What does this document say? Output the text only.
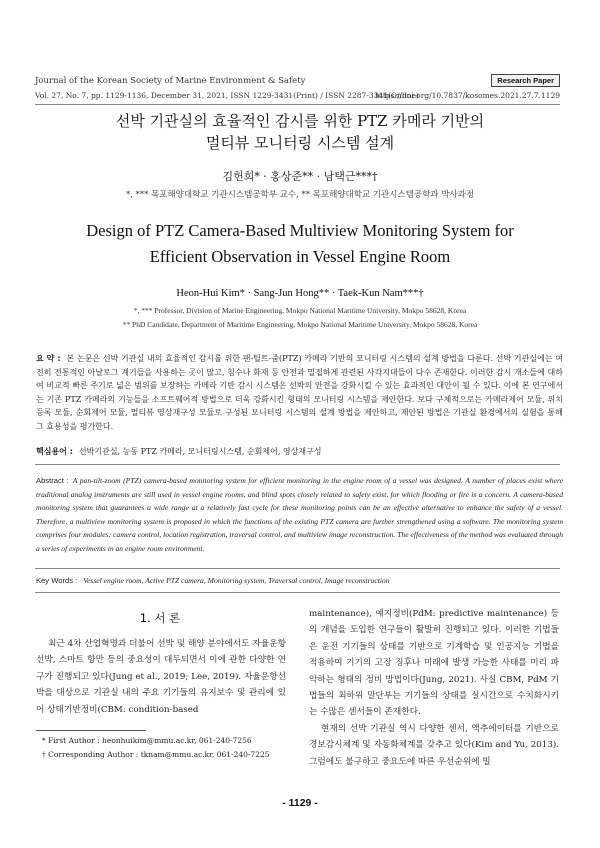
Journal of the Korean Society of Marine Environment & Safety	Research Paper
Vol. 27, No. 7, pp. 1129-1136, December 31, 2021, ISSN 1229-3431(Print) / ISSN 2287-3341(Online)
https://doi.org/10.7837/kosomes.2021.27.7.1129
선박 기관실의 효율적인 감시를 위한 PTZ 카메라 기반의
멀티뷰 모니터링 시스템 설계
김헌희* · 홍상준** · 남택근***†
*, *** 목포해양대학교 기관시스템공학부 교수, ** 목포해양대학교 기관시스템공학과 박사과정
Design of PTZ Camera-Based Multiview Monitoring System for
Efficient Observation in Vessel Engine Room
Heon-Hui Kim* · Sang-Jun Hong** · Taek-Kun Nam***†
*, *** Professor, Division of Marine Engineering, Mokpo National Maritime University, Mokpo 58628, Korea
** PhD Candidate, Department of Maritime Engineering, Mokpo National Maritime University, Mokpo 58628, Korea
요 약 : 본 논문은 선박 기관실 내의 효율적인 감시를 위한 팬-틸트-줌(PTZ) 카메라 기반의 모니터링 시스템의 설계 방법을 다룬다. 선박 기관실에는 여전히 전통적인 아날로그 계기들을 사용하는 곳이 많고, 침수나 화재 등 안전과 밀접하게 관련된 사각지대들이 다수 존재한다. 이러한 감시 개소들에 대하여 비교적 빠른 주기로 넓은 범위를 보장하는 카메라 기반 감시 시스템은 선박의 안전을 강화시킬 수 있는 효과적인 대안이 될 수 있다. 이에 본 연구에서는 기존 PTZ 카메라의 기능들을 소프트웨어적 방법으로 더욱 강화시킨 형태의 모니터링 시스템을 제안한다. 보다 구체적으로는 카메라제어 모듈, 위치등록 모듈, 순회제어 모듈, 멀티뷰 영상재구성 모듈로 구성된 모니터링 시스템의 설계 방법을 제안하고, 제안된 방법은 기관실 환경에서의 실험을 통해 그 효용성을 평가한다.
핵심용어 : 선박기관실, 능동 PTZ 카메라, 모니터링시스템, 순회제어, 영상재구성
Abstract : A pan-tilt-zoom (PTZ) camera-based monitoring system for efficient monitoring in the engine room of a vessel was designed. A number of places exist where traditional analog instruments are still used in vessel engine rooms, and blind spots closely related to safety exist, for which flooding or fire is a concern. A camera-based monitoring system that guarantees a wide range at a relatively fast cycle for these monitoring points can be an effective alternative to enhance the safety of a vessel. Therefore, a multiview monitoring system is proposed in which the functions of the existing PTZ camera are further strengthened using a software. The monitoring system comprises four modules: camera control, location registration, traversal control, and multiview image reconstruction. The effectiveness of the method was evaluated through a series of experiments in an engine room environment.
Key Words : Vessel engine room, Active PTZ camera, Monitoring system, Traversal control, Image reconstruction
1. 서 론

최근 4차 산업혁명과 더불어 선박 및 해양 분야에서도 자율운항선박, 스마트 항만 등의 중요성이 대두되면서 이에 관한 다양한 연구가 진행되고 있다(Jung et al., 2019; Lee, 2019). 자율운항선박을 대상으로 기관실 내의 주요 기기들의 유지보수 및 관리에 있어 상태기반정비(CBM: condition-based

maintenance), 예지정비(PdM: predictive maintenance) 등의 개념을 도입한 연구들이 활발히 진행되고 있다. 이러한 기법들은 운전 기기들의 상태를 기반으로 기계학습 및 인공지능 기법을 적용하여 기기의 고장 징후나 미래에 발생 가능한 사태를 미리 파악하는 형태의 정비 방법이다(Jung, 2021). 사실 CBM, PdM 기법들의 최하위 말단부는 기기들의 상태를 실시간으로 수치화시키는 수많은 센서들이 존재한다.

현재의 선박 기관실 역시 다양한 센서, 액추에이터를 기반으로 경보감시체계 및 자동화체계를 갖추고 있다(Kim and Yu, 2013). 그럼에도 불구하고 중요도에 따른 우선순위에 빌

* First Author : heonhuikim@mmu.ac.kr, 061-240-7256
† Corresponding Author : tknam@mmu.ac.kr, 061-240-7225
- 1129 -
